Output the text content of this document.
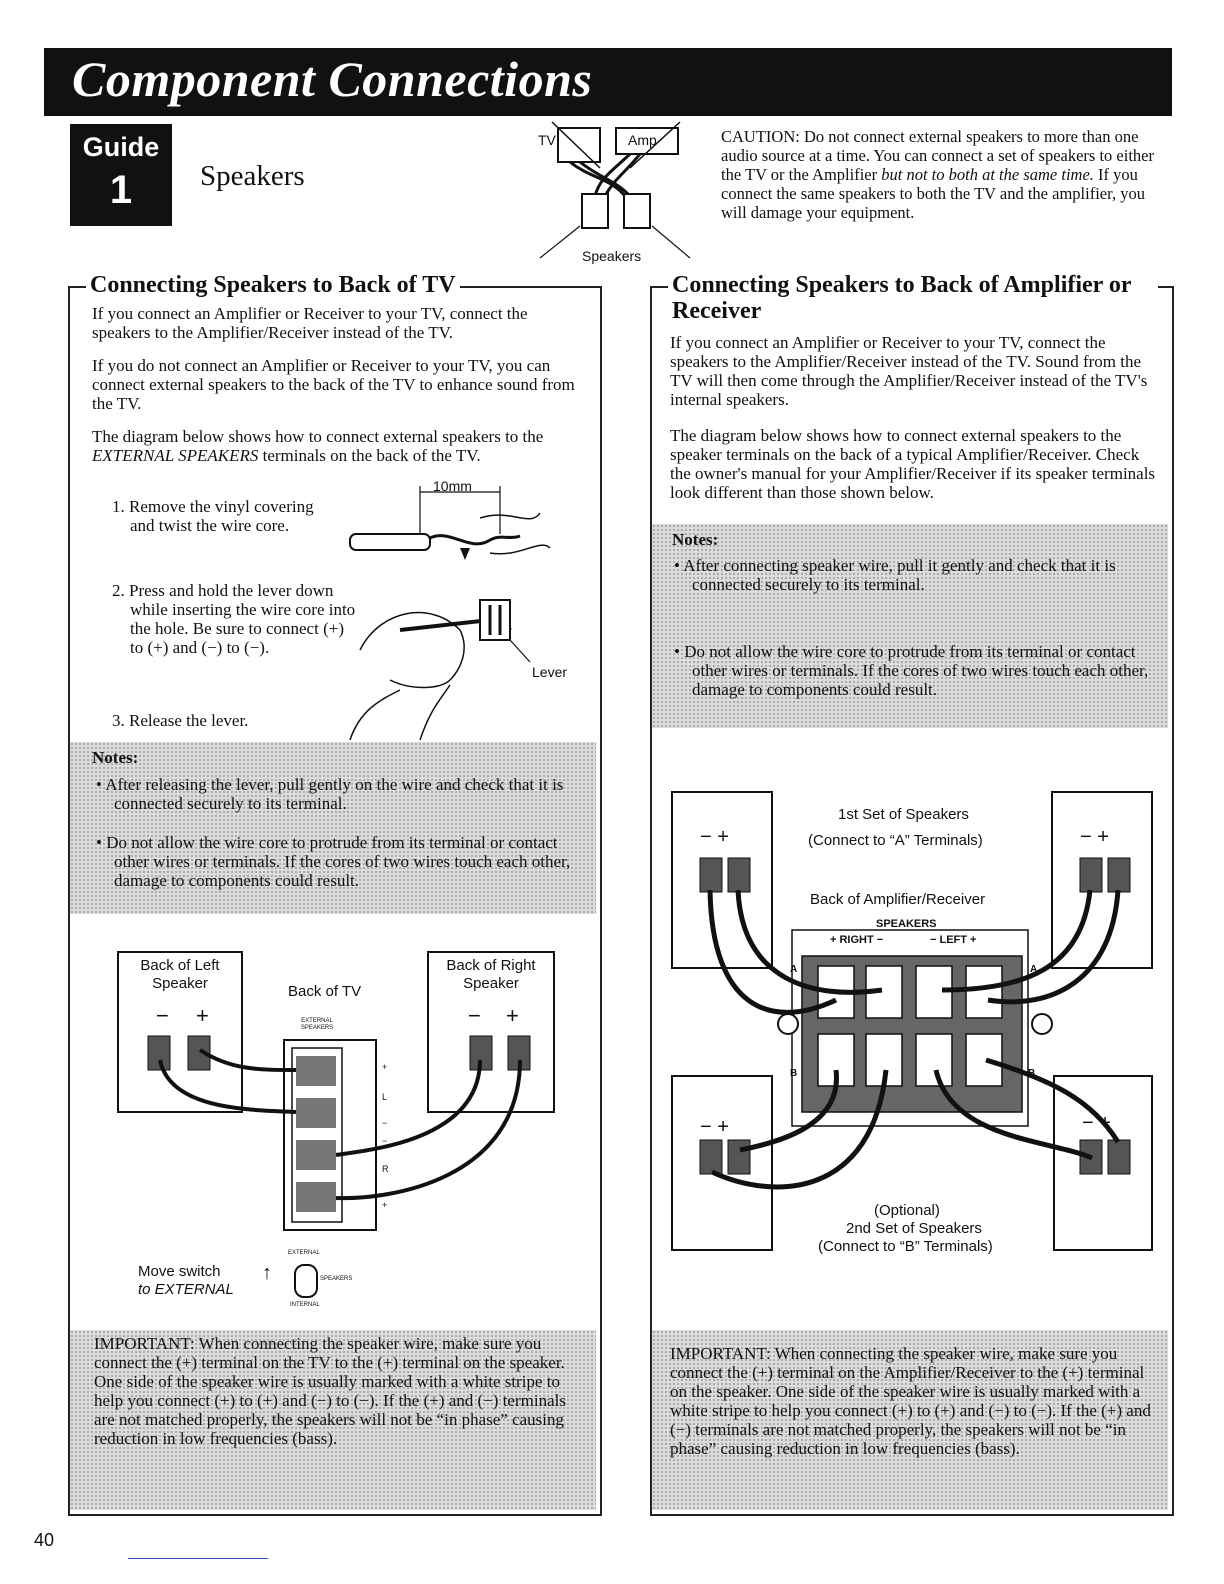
Component Connections
Guide
1	Speakers
TV	Amp
Speakers
CAUTION: Do not connect external speakers to more than one audio source at a time. You can connect a set of speakers to either the TV or the Amplifier but not to both at the same time. If you connect the same speakers to both the TV and the amplifier, you will damage your equipment.
Connecting Speakers to Back of TV
If you connect an Amplifier or Receiver to your TV, connect the speakers to the Amplifier/Receiver instead of the TV.
If you do not connect an Amplifier or Receiver to your TV, you can connect external speakers to the back of the TV to enhance sound from the TV.
The diagram below shows how to connect external speakers to the EXTERNAL SPEAKERS terminals on the back of the TV.
1. Remove the vinyl covering and twist the wire core.
2. Press and hold the lever down while inserting the wire core into the hole. Be sure to connect (+) to (+) and (−) to (−).
3. Release the lever.
10mm
Lever
Notes:
• After releasing the lever, pull gently on the wire and check that it is connected securely to its terminal.
• Do not allow the wire core to protrude from its terminal or contact other wires or terminals. If the cores of two wires touch each other, damage to components could result.
Back of Left Speaker
Back of Right Speaker
Back of TV
EXTERNAL SPEAKERS
− +	− +
+
L
−
−
R
+
Move switch
to EXTERNAL
↑
EXTERNAL
SPEAKERS
INTERNAL
IMPORTANT: When connecting the speaker wire, make sure you connect the (+) terminal on the TV to the (+) terminal on the speaker. One side of the speaker wire is usually marked with a white stripe to help you connect (+) to (+) and (−) to (−). If the (+) and (−) terminals are not matched properly, the speakers will not be “in phase” causing reduction in low frequencies (bass).
Connecting Speakers to Back of Amplifier or Receiver
If you connect an Amplifier or Receiver to your TV, connect the speakers to the Amplifier/Receiver instead of the TV. Sound from the TV will then come through the Amplifier/Receiver instead of the TV's internal speakers.
The diagram below shows how to connect external speakers to the speaker terminals on the back of a typical Amplifier/Receiver. Check the owner's manual for your Amplifier/Receiver if its speaker terminals look different than those shown below.
Notes:
• After connecting speaker wire, pull it gently and check that it is connected securely to its terminal.
• Do not allow the wire core to protrude from its terminal or contact other wires or terminals. If the cores of two wires touch each other, damage to components could result.
1st Set of Speakers
(Connect to “A” Terminals)
Back of Amplifier/Receiver
SPEAKERS
+ RIGHT −	− LEFT +
− +	− +
− +	− +
A	A
B	B
(Optional)
2nd Set of Speakers
(Connect to “B” Terminals)
IMPORTANT: When connecting the speaker wire, make sure you connect the (+) terminal on the Amplifier/Receiver to the (+) terminal on the speaker. One side of the speaker wire is usually marked with a white stripe to help you connect (+) to (+) and (−) to (−). If the (+) and (−) terminals are not matched properly, the speakers will not be “in phase” causing reduction in low frequencies (bass).
40
